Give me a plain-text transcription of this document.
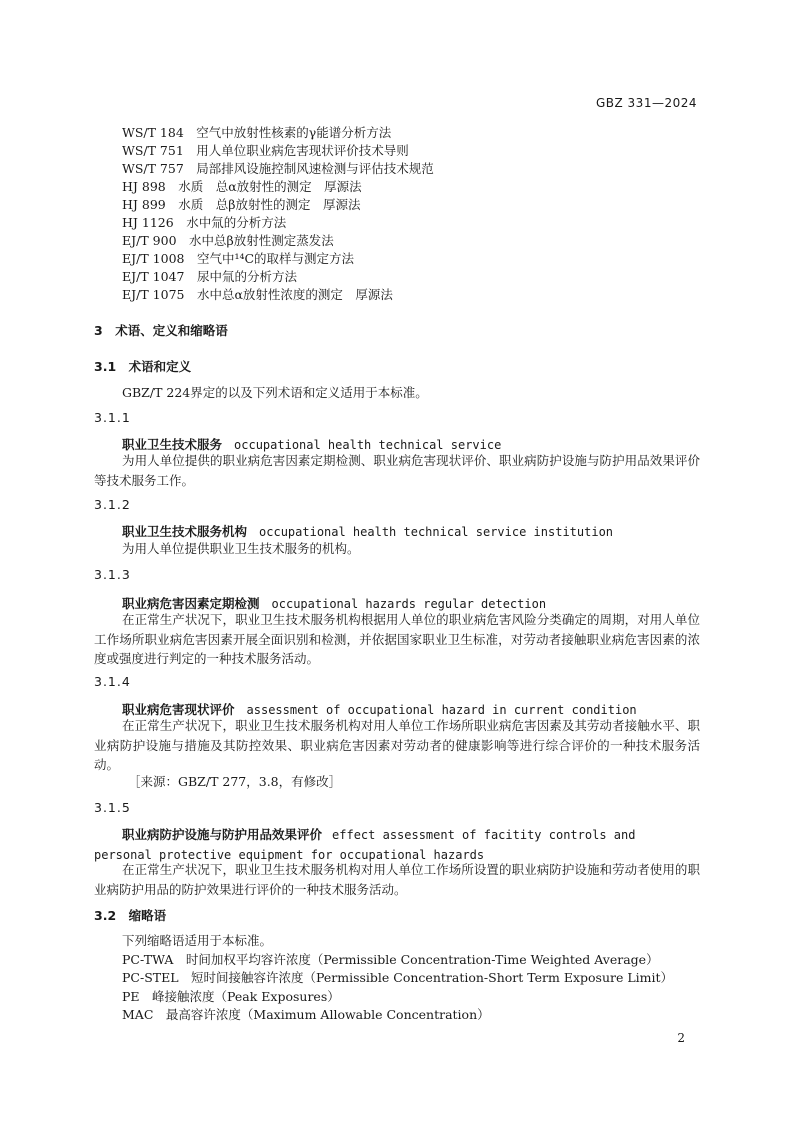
GBZ 331—2024
WS/T 184　空气中放射性核素的γ能谱分析方法
WS/T 751　用人单位职业病危害现状评价技术导则
WS/T 757　局部排风设施控制风速检测与评估技术规范
HJ 898　水质　总α放射性的测定　厚源法
HJ 899　水质　总β放射性的测定　厚源法
HJ 1126　水中氚的分析方法
EJ/T 900　水中总β放射性测定蒸发法
EJ/T 1008　空气中¹⁴C的取样与测定方法
EJ/T 1047　尿中氚的分析方法
EJ/T 1075　水中总α放射性浓度的测定　厚源法
3　术语、定义和缩略语
3.1　术语和定义
GBZ/T 224界定的以及下列术语和定义适用于本标准。
3.1.1
职业卫生技术服务 occupational health technical service
为用人单位提供的职业病危害因素定期检测、职业病危害现状评价、职业病防护设施与防护用品效果评价等技术服务工作。
3.1.2
职业卫生技术服务机构 occupational health technical service institution
为用人单位提供职业卫生技术服务的机构。
3.1.3
职业病危害因素定期检测 occupational hazards regular detection
在正常生产状况下，职业卫生技术服务机构根据用人单位的职业病危害风险分类确定的周期，对用人单位工作场所职业病危害因素开展全面识别和检测，并依据国家职业卫生标准，对劳动者接触职业病危害因素的浓度或强度进行判定的一种技术服务活动。
3.1.4
职业病危害现状评价 assessment of occupational hazard in current condition
在正常生产状况下，职业卫生技术服务机构对用人单位工作场所职业病危害因素及其劳动者接触水平、职业病防护设施与措施及其防控效果、职业病危害因素对劳动者的健康影响等进行综合评价的一种技术服务活动。
［来源：GBZ/T 277，3.8，有修改］
3.1.5
职业病防护设施与防护用品效果评价 effect assessment of facitity controls and personal protective equipment for occupational hazards
在正常生产状况下，职业卫生技术服务机构对用人单位工作场所设置的职业病防护设施和劳动者使用的职业病防护用品的防护效果进行评价的一种技术服务活动。
3.2　缩略语
下列缩略语适用于本标准。
PC-TWA　时间加权平均容许浓度（Permissible Concentration-Time Weighted Average）
PC-STEL　短时间接触容许浓度（Permissible Concentration-Short Term Exposure Limit）
PE　峰接触浓度（Peak Exposures）
MAC　最高容许浓度（Maximum Allowable Concentration）
2
